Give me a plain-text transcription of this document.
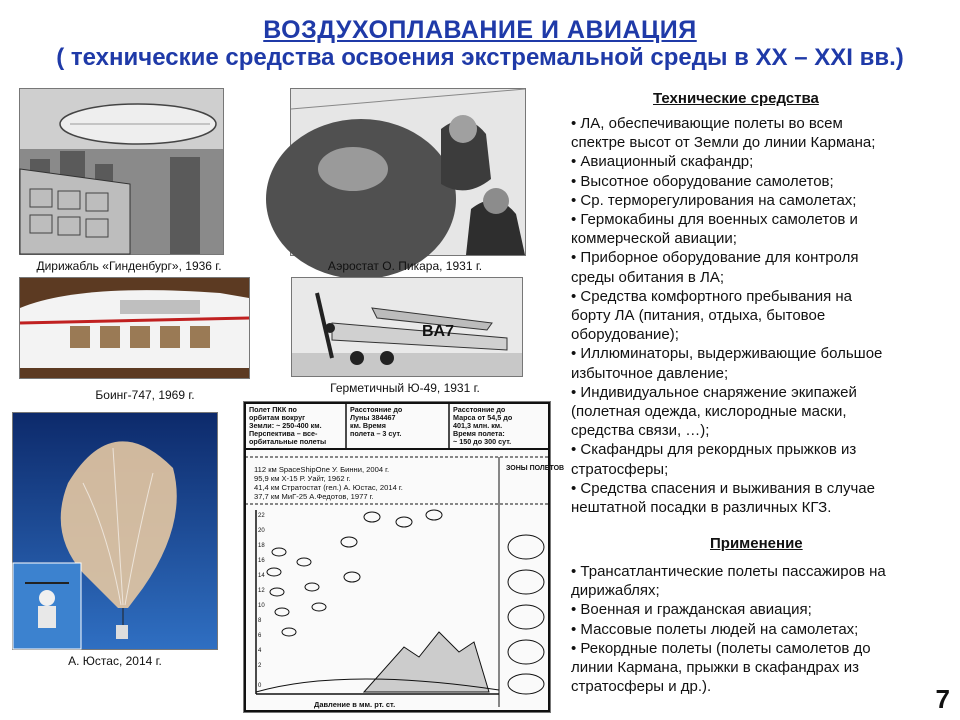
ВОЗДУХОПЛАВАНИЕ И АВИАЦИЯ
( технические средства освоения экстремальной среды в ХХ – ХХI вв.)
Дирижабль «Гинденбург», 1936 г.	Аэростат О. Пикара, 1931 г.
Боинг-747, 1969 г.
BA7
Герметичный Ю-49, 1931 г.
А. Юстас, 2014 г.
Полет ПКК по
орбитам вокруг
Земли: ~ 250-400 км.
Перспектива – все-
орбитальные полеты
Расстояние до
Луны 384467
км. Время
полета – 3 сут.
Расстояние до
Марса от 54,5 до
401,3 млн. км.
Время полета:
~ 150 до 300 сут.
112 км SpaceShipOne У. Бинни, 2004 г.
95,9 км X-15 Р. Уайт, 1962 г.
41,4 км Стратостат (гел.) А. Юстас, 2014 г.
37,7 км МиГ-25 А.Федотов, 1977 г.
22
20
18
16
14
12
10
8
6
4
2
0
ЗОНЫ ПОЛЕТОВ
Давление в мм. рт. ст.
Технические средства
• ЛА, обеспечивающие полеты во всем
спектре высот от Земли до линии Кармана;
• Авиационный скафандр;
• Высотное оборудование самолетов;
• Ср. терморегулирования на самолетах;
• Гермокабины для военных самолетов и
коммерческой авиации;
• Приборное оборудование для контроля
среды обитания в ЛА;
• Средства комфортного пребывания на
борту ЛА (питания, отдыха, бытовое
оборудование);
• Иллюминаторы, выдерживающие большое
избыточное давление;
• Индивидуальное снаряжение экипажей
(полетная одежда, кислородные маски,
средства связи, …);
• Скафандры для рекордных прыжков из
стратосферы;
• Средства спасения и выживания в случае
нештатной посадки в различных КГЗ.
Применение
• Трансатлантические полеты пассажиров на
дирижаблях;
• Военная и гражданская авиация;
• Массовые полеты людей на самолетах;
• Рекордные полеты (полеты самолетов до
линии Кармана, прыжки в скафандрах из
стратосферы и др.).	7
